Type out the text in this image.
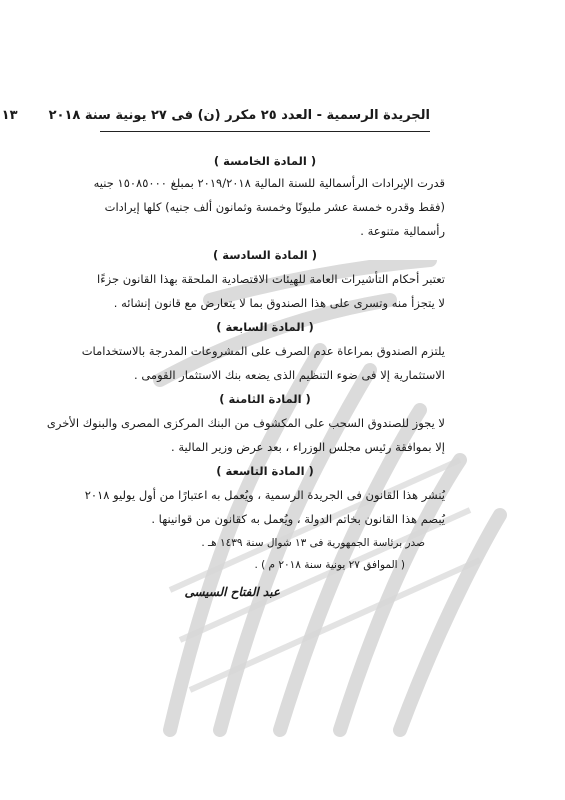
الجريدة الرسمية - العدد ٢٥ مكرر (ن) فى ٢٧ يونية سنة ٢٠١٨  ١٣
( المادة الخامسة )
قدرت الإيرادات الرأسمالية للسنة المالية ٢٠١٩/٢٠١٨ بمبلغ ١٥٠٨٥٠٠٠ جنيه
(فقط وقدره خمسة عشر مليونًا وخمسة وثمانون ألف جنيه) كلها إيرادات
رأسمالية متنوعة .
( المادة السادسة )
تعتبر أحكام التأشيرات العامة للهيئات الاقتصادية الملحقة بهذا القانون جزءًا
لا يتجزأ منه وتسرى على هذا الصندوق بما لا يتعارض مع قانون إنشائه .
( المادة السابعة )
يلتزم الصندوق بمراعاة عدم الصرف على المشروعات المدرجة بالاستخدامات
الاستثمارية إلا فى ضوء التنظيم الذى يضعه بنك الاستثمار القومى .
( المادة الثامنة )
لا يجوز للصندوق السحب على المكشوف من البنك المركزى المصرى والبنوك الأخرى
إلا بموافقة رئيس مجلس الوزراء ، بعد عرض وزير المالية .
( المادة التاسعة )
يُنشر هذا القانون فى الجريدة الرسمية ، ويُعمل به اعتبارًا من أول يوليو ٢٠١٨
يُبصم هذا القانون بخاتم الدولة ، ويُعمل به كقانون من قوانينها .
صدر برئاسة الجمهورية فى ١٣ شوال سنة ١٤٣٩ هـ .
( الموافق ٢٧ يونية سنة ٢٠١٨ م ) .
عبد الفتاح السيسى
